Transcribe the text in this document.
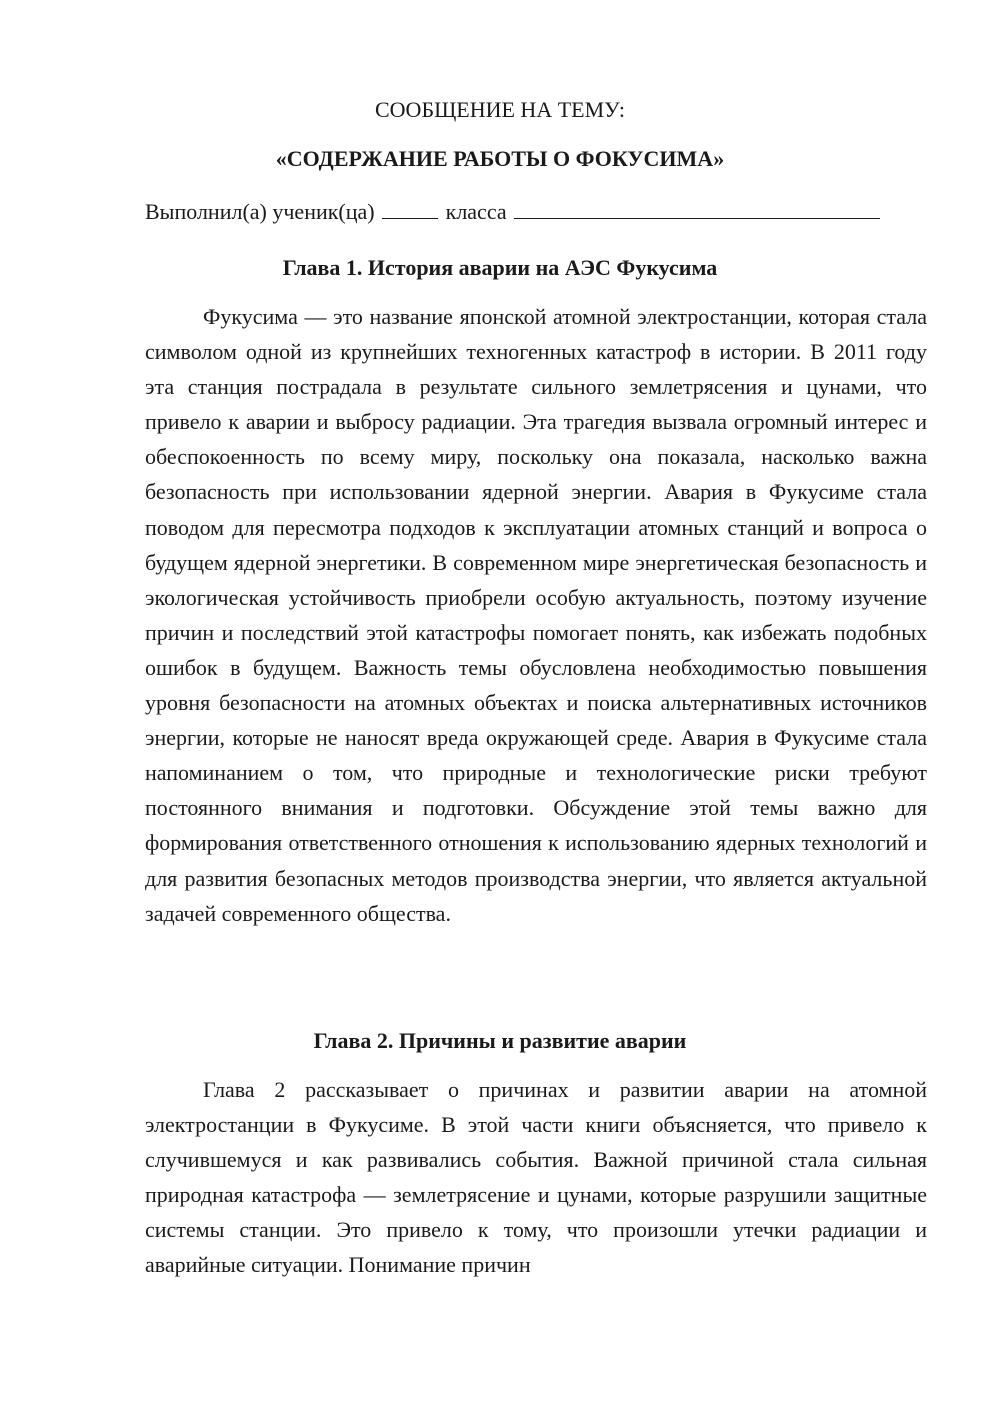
СООБЩЕНИЕ НА ТЕМУ:
«СОДЕРЖАНИЕ РАБОТЫ О ФОКУСИМА»
Выполнил(а) ученик(ца)	класса
Глава 1. История аварии на АЭС Фукусима

Фукусима — это название японской атомной электростанции, которая стала символом одной из крупнейших техногенных катастроф в истории. В 2011 году эта станция пострадала в результате сильного землетрясения и цунами, что привело к аварии и выбросу радиации. Эта трагедия вызвала огромный интерес и обеспокоенность по всему миру, поскольку она показала, насколько важна безопасность при использовании ядерной энергии. Авария в Фукусиме стала поводом для пересмотра подходов к эксплуатации атомных станций и вопроса о будущем ядерной энергетики. В современном мире энергетическая безопасность и экологическая устойчивость приобрели особую актуальность, поэтому изучение причин и последствий этой катастрофы помогает понять, как избежать подобных ошибок в будущем. Важность темы обусловлена необходимостью повышения уровня безопасности на атомных объектах и поиска альтернативных источников энергии, которые не наносят вреда окружающей среде. Авария в Фукусиме стала напоминанием о том, что природные и технологические риски требуют постоянного внимания и подготовки. Обсуждение этой темы важно для формирования ответственного отношения к использованию ядерных технологий и для развития безопасных методов производства энергии, что является актуальной задачей современного общества.

Глава 2. Причины и развитие аварии

Глава 2 рассказывает о причинах и развитии аварии на атомной электростанции в Фукусиме. В этой части книги объясняется, что привело к случившемуся и как развивались события. Важной причиной стала сильная природная катастрофа — землетрясение и цунами, которые разрушили защитные системы станции. Это привело к тому, что произошли утечки радиации и аварийные ситуации. Понимание причин
